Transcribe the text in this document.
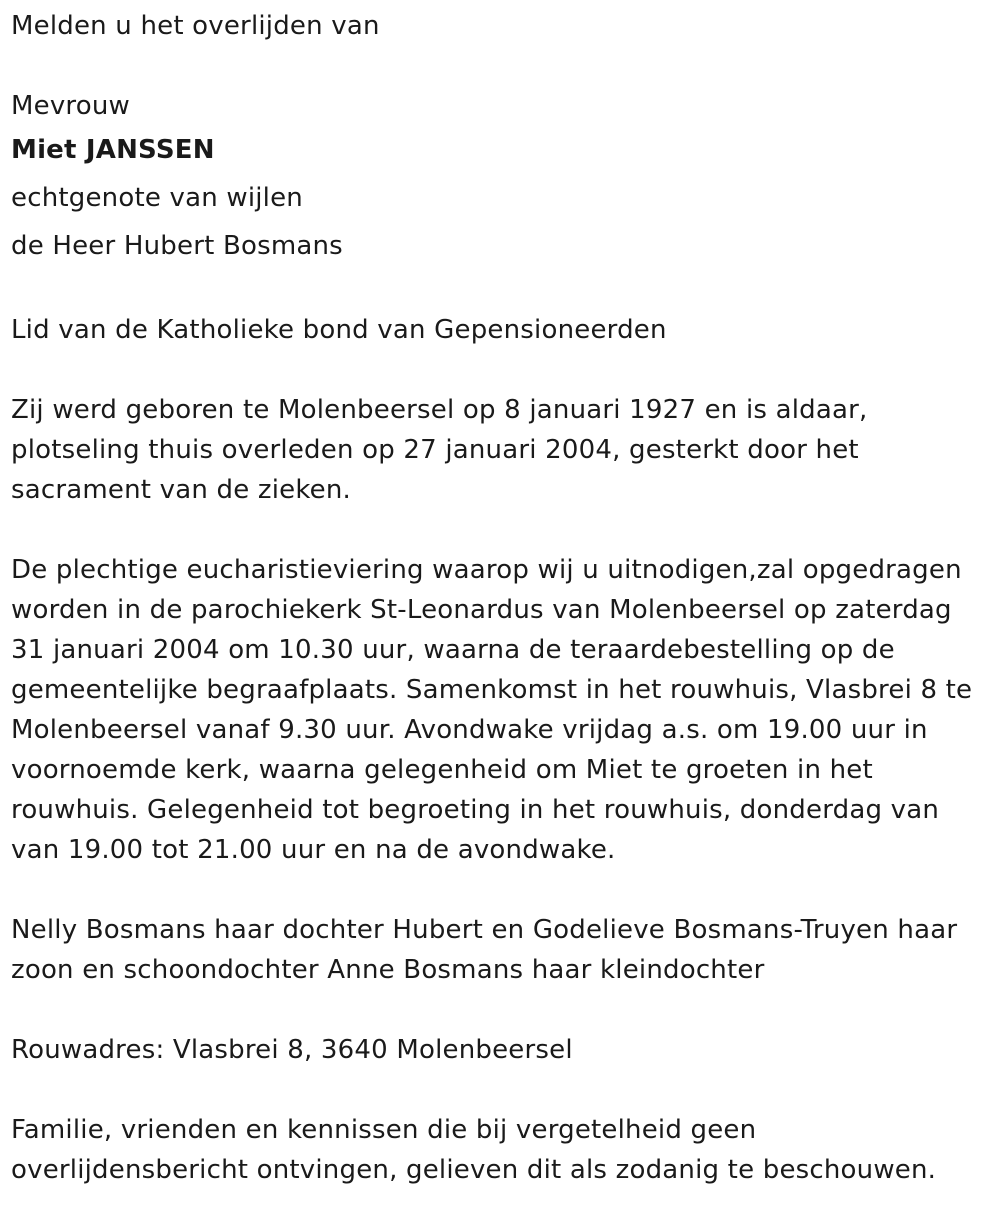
Melden u het overlijden van
Mevrouw
Miet JANSSEN
echtgenote van wijlen
de Heer Hubert Bosmans
Lid van de Katholieke bond van Gepensioneerden
Zij werd geboren te Molenbeersel op 8 januari 1927 en is aldaar,
plotseling thuis overleden op 27 januari 2004, gesterkt door het
sacrament van de zieken.
De plechtige eucharistieviering waarop wij u uitnodigen,zal opgedragen
worden in de parochiekerk St-Leonardus van Molenbeersel op zaterdag
31 januari 2004 om 10.30 uur, waarna de teraardebestelling op de
gemeentelijke begraafplaats. Samenkomst in het rouwhuis, Vlasbrei 8 te
Molenbeersel vanaf 9.30 uur. Avondwake vrijdag a.s. om 19.00 uur in
voornoemde kerk, waarna gelegenheid om Miet te groeten in het
rouwhuis. Gelegenheid tot begroeting in het rouwhuis, donderdag van
van 19.00 tot 21.00 uur en na de avondwake.
Nelly Bosmans haar dochter Hubert en Godelieve Bosmans-Truyen haar
zoon en schoondochter Anne Bosmans haar kleindochter
Rouwadres: Vlasbrei 8, 3640 Molenbeersel
Familie, vrienden en kennissen die bij vergetelheid geen
overlijdensbericht ontvingen, gelieven dit als zodanig te beschouwen.
